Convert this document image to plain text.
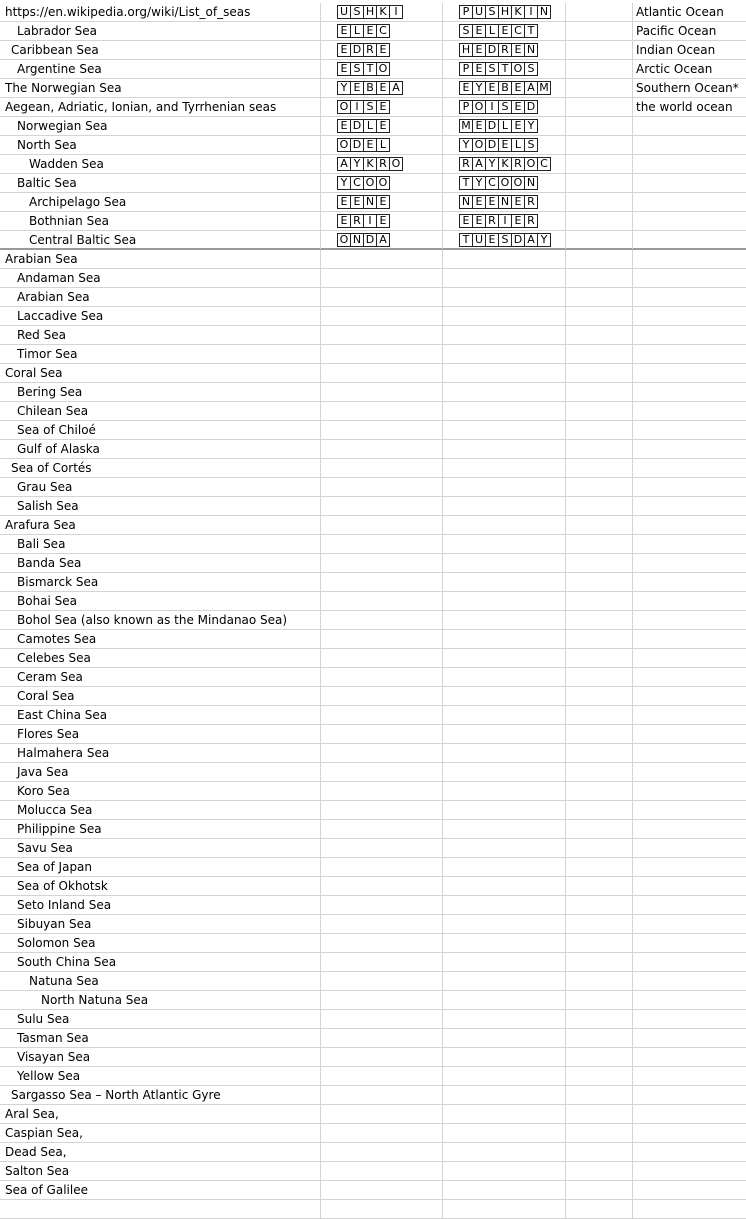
https://en.wikipedia.org/wiki/List_of_seas	U S H K I	P U S H K I N	Atlantic Ocean
Labrador Sea	E L E C	S E L E C T	Pacific Ocean
Caribbean Sea	E D R E	H E D R E N	Indian Ocean
Argentine Sea	E S T O	P E S T O S	Arctic Ocean
The Norwegian Sea	Y E B E A	E Y E B E A M	Southern Ocean*
Aegean, Adriatic, Ionian, and Tyrrhenian seas	O I S E	P O I S E D	the world ocean
Norwegian Sea	E D L E	M E D L E Y
North Sea	O D E L	Y O D E L S
Wadden Sea	A Y K R O	R A Y K R O C
Baltic Sea	Y C O O	T Y C O O N
Archipelago Sea	E E N E	N E E N E R
Bothnian Sea	E R I E	E E R I E R
Central Baltic Sea	O N D A	T U E S D A Y
Arabian Sea
Andaman Sea
Arabian Sea
Laccadive Sea
Red Sea
Timor Sea
Coral Sea
Bering Sea
Chilean Sea
Sea of Chiloé
Gulf of Alaska
Sea of Cortés
Grau Sea
Salish Sea
Arafura Sea
Bali Sea
Banda Sea
Bismarck Sea
Bohai Sea
Bohol Sea (also known as the Mindanao Sea)
Camotes Sea
Celebes Sea
Ceram Sea
Coral Sea
East China Sea
Flores Sea
Halmahera Sea
Java Sea
Koro Sea
Molucca Sea
Philippine Sea
Savu Sea
Sea of Japan
Sea of Okhotsk
Seto Inland Sea
Sibuyan Sea
Solomon Sea
South China Sea
Natuna Sea
North Natuna Sea
Sulu Sea
Tasman Sea
Visayan Sea
Yellow Sea
Sargasso Sea – North Atlantic Gyre
Aral Sea,
Caspian Sea,
Dead Sea,
Salton Sea
Sea of Galilee
